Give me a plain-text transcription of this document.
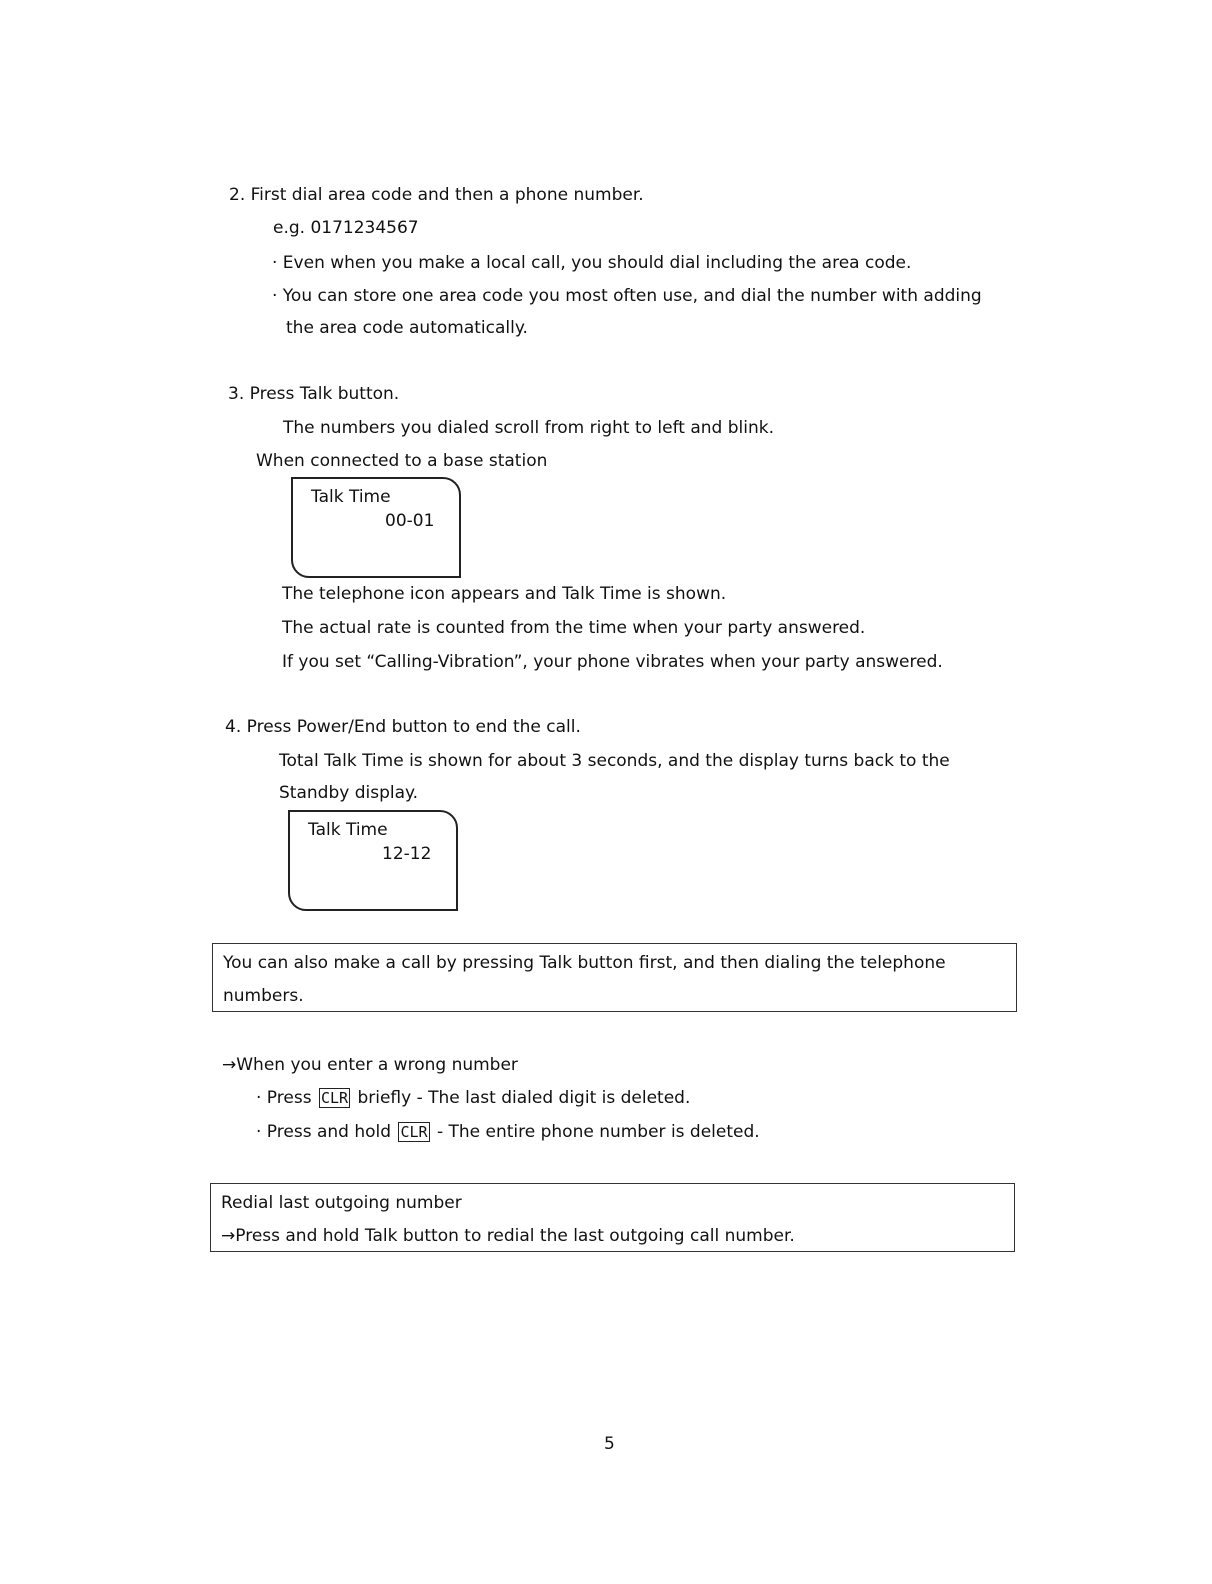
2. First dial area code and then a phone number.
e.g. 0171234567
· Even when you make a local call, you should dial including the area code.
· You can store one area code you most often use, and dial the number with adding
the area code automatically.
3. Press Talk button.
The numbers you dialed scroll from right to left and blink.
When connected to a base station
Talk Time
00-01
The telephone icon appears and Talk Time is shown.
The actual rate is counted from the time when your party answered.
If you set “Calling-Vibration”, your phone vibrates when your party answered.
4. Press Power/End button to end the call.
Total Talk Time is shown for about 3 seconds, and the display turns back to the
Standby display.
Talk Time
12-12
You can also make a call by pressing Talk button first, and then dialing the telephone
numbers.
→When you enter a wrong number
· Press CLR briefly - The last dialed digit is deleted.
· Press and hold CLR - The entire phone number is deleted.
Redial last outgoing number
→Press and hold Talk button to redial the last outgoing call number.
5
